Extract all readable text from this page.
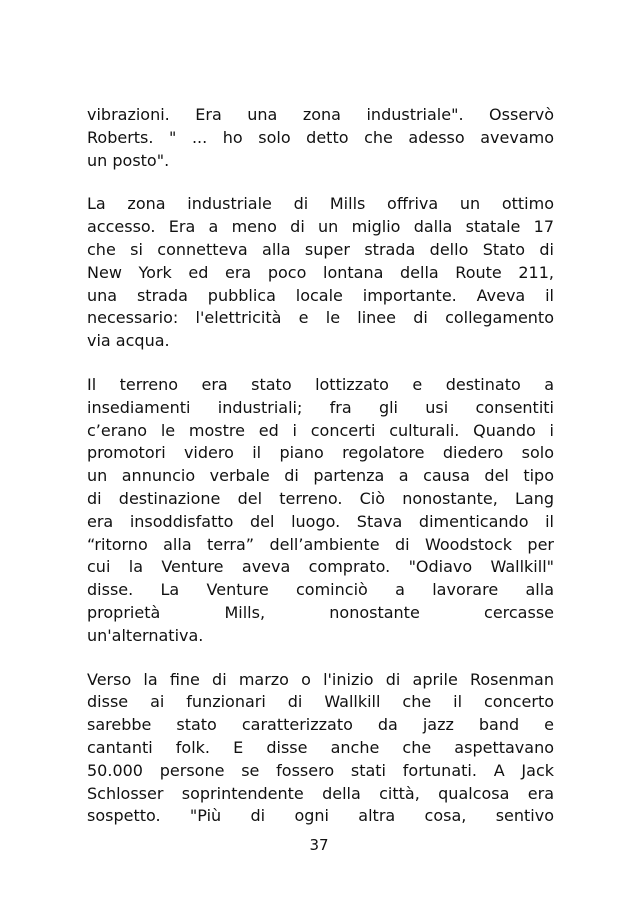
vibrazioni. Era una zona industriale". Osservò
Roberts. " ... ho solo detto che adesso avevamo
un posto".
La zona industriale di Mills offriva un ottimo
accesso. Era a meno di un miglio dalla statale 17
che si connetteva alla super strada dello Stato di
New York ed era poco lontana della Route 211,
una strada pubblica locale importante. Aveva il
necessario: l'elettricità e le linee di collegamento
via acqua.
Il terreno era stato lottizzato e destinato a
insediamenti industriali; fra gli usi consentiti
c’erano le mostre ed i concerti culturali. Quando i
promotori videro il piano regolatore diedero solo
un annuncio verbale di partenza a causa del tipo
di destinazione del terreno. Ciò nonostante, Lang
era insoddisfatto del luogo. Stava dimenticando il
“ritorno alla terra” dell’ambiente di Woodstock per
cui la Venture aveva comprato. "Odiavo Wallkill"
disse. La Venture cominciò a lavorare alla
proprietà Mills, nonostante cercasse
un'alternativa.
Verso la fine di marzo o l'inizio di aprile Rosenman
disse ai funzionari di Wallkill che il concerto
sarebbe stato caratterizzato da jazz band e
cantanti folk. E disse anche che aspettavano
50.000 persone se fossero stati fortunati. A Jack
Schlosser soprintendente della città, qualcosa era
sospetto. "Più di ogni altra cosa, sentivo
37
